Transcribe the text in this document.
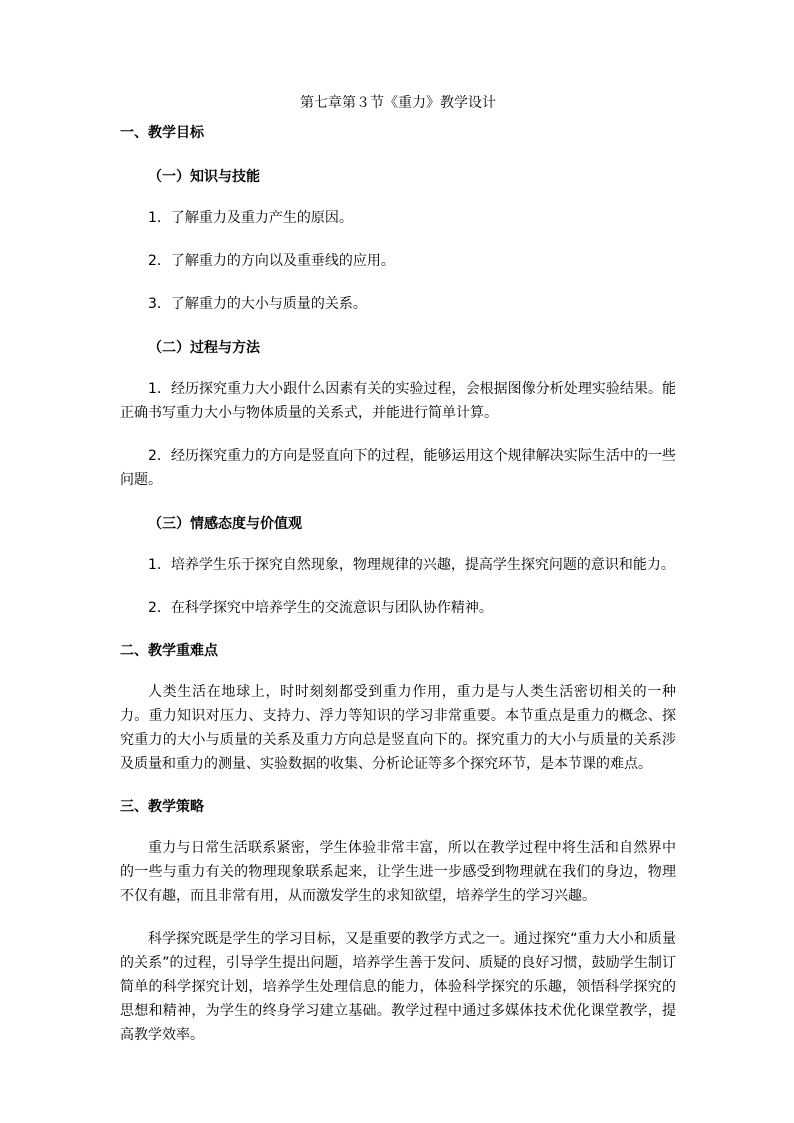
第七章第３节《重力》教学设计
一、教学目标
（一）知识与技能
1．了解重力及重力产生的原因。
2．了解重力的方向以及重垂线的应用。
3．了解重力的大小与质量的关系。
（二）过程与方法
1．经历探究重力大小跟什么因素有关的实验过程，会根据图像分析处理实验结果。能正确书写重力大小与物体质量的关系式，并能进行简单计算。
2．经历探究重力的方向是竖直向下的过程，能够运用这个规律解决实际生活中的一些问题。
（三）情感态度与价值观
1．培养学生乐于探究自然现象，物理规律的兴趣，提高学生探究问题的意识和能力。
2．在科学探究中培养学生的交流意识与团队协作精神。
二、教学重难点
人类生活在地球上，时时刻刻都受到重力作用，重力是与人类生活密切相关的一种力。重力知识对压力、支持力、浮力等知识的学习非常重要。本节重点是重力的概念、探究重力的大小与质量的关系及重力方向总是竖直向下的。探究重力的大小与质量的关系涉及质量和重力的测量、实验数据的收集、分析论证等多个探究环节，是本节课的难点。
三、教学策略
重力与日常生活联系紧密，学生体验非常丰富，所以在教学过程中将生活和自然界中的一些与重力有关的物理现象联系起来，让学生进一步感受到物理就在我们的身边，物理不仅有趣，而且非常有用，从而激发学生的求知欲望，培养学生的学习兴趣。
科学探究既是学生的学习目标，又是重要的教学方式之一。通过探究“重力大小和质量的关系”的过程，引导学生提出问题，培养学生善于发问、质疑的良好习惯，鼓励学生制订简单的科学探究计划，培养学生处理信息的能力，体验科学探究的乐趣，领悟科学探究的思想和精神，为学生的终身学习建立基础。教学过程中通过多媒体技术优化课堂教学，提高教学效率。
